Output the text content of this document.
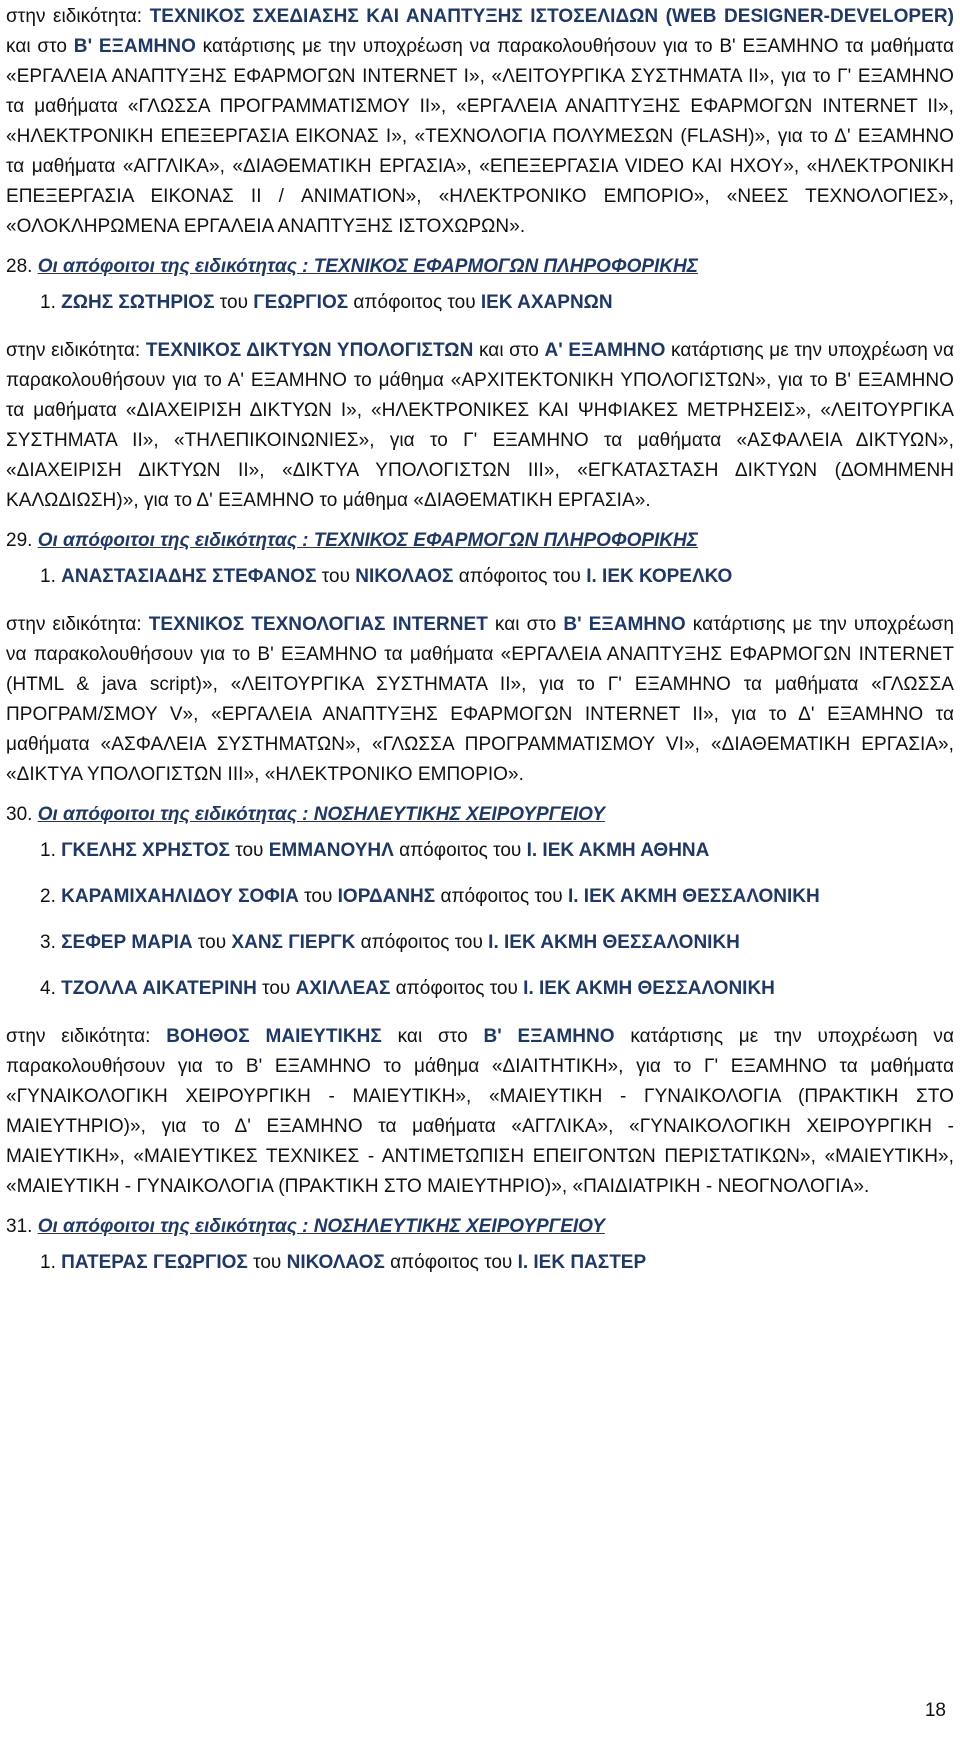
στην ειδικότητα: ΤΕΧΝΙΚΟΣ ΣΧΕΔΙΑΣΗΣ ΚΑΙ ΑΝΑΠΤΥΞΗΣ ΙΣΤΟΣΕΛΙΔΩΝ (WEB DESIGNER-DEVELOPER) και στο Β' ΕΞΑΜΗΝΟ κατάρτισης με την υποχρέωση να παρακολουθήσουν για το Β' ΕΞΑΜΗΝΟ τα μαθήματα «ΕΡΓΑΛΕΙΑ ΑΝΑΠΤΥΞΗΣ ΕΦΑΡΜΟΓΩΝ INTERNET Ι», «ΛΕΙΤΟΥΡΓΙΚΑ ΣΥΣΤΗΜΑΤΑ ΙΙ», για το Γ' ΕΞΑΜΗΝΟ τα μαθήματα «ΓΛΩΣΣΑ ΠΡΟΓΡΑΜΜΑΤΙΣΜΟΥ ΙΙ», «ΕΡΓΑΛΕΙΑ ΑΝΑΠΤΥΞΗΣ ΕΦΑΡΜΟΓΩΝ INTERNET ΙΙ», «ΗΛΕΚΤΡΟΝΙΚΗ ΕΠΕΞΕΡΓΑΣΙΑ ΕΙΚΟΝΑΣ Ι», «ΤΕΧΝΟΛΟΓΙΑ ΠΟΛΥΜΕΣΩΝ (FLASH)», για το Δ' ΕΞΑΜΗΝΟ τα μαθήματα «ΑΓΓΛΙΚΑ», «ΔΙΑΘΕΜΑΤΙΚΗ ΕΡΓΑΣΙΑ», «ΕΠΕΞΕΡΓΑΣΙΑ VIDEO ΚΑΙ ΗΧΟΥ», «ΗΛΕΚΤΡΟΝΙΚΗ ΕΠΕΞΕΡΓΑΣΙΑ ΕΙΚΟΝΑΣ ΙΙ / ANIMATION», «ΗΛΕΚΤΡΟΝΙΚΟ ΕΜΠΟΡΙΟ», «ΝΕΕΣ ΤΕΧΝΟΛΟΓΙΕΣ», «ΟΛΟΚΛΗΡΩΜΕΝΑ ΕΡΓΑΛΕΙΑ ΑΝΑΠΤΥΞΗΣ ΙΣΤΟΧΩΡΩΝ».

28. Οι απόφοιτοι της ειδικότητας : ΤΕΧΝΙΚΟΣ ΕΦΑΡΜΟΓΩΝ ΠΛΗΡΟΦΟΡΙΚΗΣ

1. ΖΩΗΣ ΣΩΤΗΡΙΟΣ του ΓΕΩΡΓΙΟΣ απόφοιτος του ΙΕΚ ΑΧΑΡΝΩΝ

στην ειδικότητα: ΤΕΧΝΙΚΟΣ ΔΙΚΤΥΩΝ ΥΠΟΛΟΓΙΣΤΩΝ και στο Α' ΕΞΑΜΗΝΟ κατάρτισης με την υποχρέωση να παρακολουθήσουν για το Α' ΕΞΑΜΗΝΟ το μάθημα «ΑΡΧΙΤΕΚΤΟΝΙΚΗ ΥΠΟΛΟΓΙΣΤΩΝ», για το Β' ΕΞΑΜΗΝΟ τα μαθήματα «ΔΙΑΧΕΙΡΙΣΗ ΔΙΚΤΥΩΝ Ι», «ΗΛΕΚΤΡΟΝΙΚΕΣ ΚΑΙ ΨΗΦΙΑΚΕΣ ΜΕΤΡΗΣΕΙΣ», «ΛΕΙΤΟΥΡΓΙΚΑ ΣΥΣΤΗΜΑΤΑ ΙΙ», «ΤΗΛΕΠΙΚΟΙΝΩΝΙΕΣ», για το Γ' ΕΞΑΜΗΝΟ τα μαθήματα «ΑΣΦΑΛΕΙΑ ΔΙΚΤΥΩΝ», «ΔΙΑΧΕΙΡΙΣΗ ΔΙΚΤΥΩΝ ΙΙ», «ΔΙΚΤΥΑ ΥΠΟΛΟΓΙΣΤΩΝ ΙΙΙ», «ΕΓΚΑΤΑΣΤΑΣΗ ΔΙΚΤΥΩΝ (ΔΟΜΗΜΕΝΗ ΚΑΛΩΔΙΩΣΗ)», για το Δ' ΕΞΑΜΗΝΟ το μάθημα «ΔΙΑΘΕΜΑΤΙΚΗ ΕΡΓΑΣΙΑ».

29. Οι απόφοιτοι της ειδικότητας : ΤΕΧΝΙΚΟΣ ΕΦΑΡΜΟΓΩΝ ΠΛΗΡΟΦΟΡΙΚΗΣ

1. ΑΝΑΣΤΑΣΙΑΔΗΣ ΣΤΕΦΑΝΟΣ του ΝΙΚΟΛΑΟΣ απόφοιτος του Ι. ΙΕΚ ΚΟΡΕΛΚΟ

στην ειδικότητα: ΤΕΧΝΙΚΟΣ ΤΕΧΝΟΛΟΓΙΑΣ INTERNET και στο Β' ΕΞΑΜΗΝΟ κατάρτισης με την υποχρέωση να παρακολουθήσουν για το Β' ΕΞΑΜΗΝΟ τα μαθήματα «ΕΡΓΑΛΕΙΑ ΑΝΑΠΤΥΞΗΣ ΕΦΑΡΜΟΓΩΝ INTERNET (HTML & java script)», «ΛΕΙΤΟΥΡΓΙΚΑ ΣΥΣΤΗΜΑΤΑ ΙΙ», για το Γ' ΕΞΑΜΗΝΟ τα μαθήματα «ΓΛΩΣΣΑ ΠΡΟΓΡΑΜ/ΣΜΟΥ V», «ΕΡΓΑΛΕΙΑ ΑΝΑΠΤΥΞΗΣ ΕΦΑΡΜΟΓΩΝ INTERNET ΙΙ», για το Δ' ΕΞΑΜΗΝΟ τα μαθήματα «ΑΣΦΑΛΕΙΑ ΣΥΣΤΗΜΑΤΩΝ», «ΓΛΩΣΣΑ ΠΡΟΓΡΑΜΜΑΤΙΣΜΟΥ VI», «ΔΙΑΘΕΜΑΤΙΚΗ ΕΡΓΑΣΙΑ», «ΔΙΚΤΥΑ ΥΠΟΛΟΓΙΣΤΩΝ ΙΙΙ», «ΗΛΕΚΤΡΟΝΙΚΟ ΕΜΠΟΡΙΟ».

30. Οι απόφοιτοι της ειδικότητας : ΝΟΣΗΛΕΥΤΙΚΗΣ ΧΕΙΡΟΥΡΓΕΙΟΥ

1. ΓΚΕΛΗΣ ΧΡΗΣΤΟΣ του ΕΜΜΑΝΟΥΗΛ απόφοιτος του Ι. ΙΕΚ ΑΚΜΗ ΑΘΗΝΑ

2. ΚΑΡΑΜΙΧΑΗΛΙΔΟΥ ΣΟΦΙΑ του ΙΟΡΔΑΝΗΣ απόφοιτος του Ι. ΙΕΚ ΑΚΜΗ ΘΕΣΣΑΛΟΝΙΚΗ

3. ΣΕΦΕΡ ΜΑΡΙΑ του ΧΑΝΣ ΓΙΕΡΓΚ απόφοιτος του Ι. ΙΕΚ ΑΚΜΗ ΘΕΣΣΑΛΟΝΙΚΗ

4. ΤΖΟΛΛΑ ΑΙΚΑΤΕΡΙΝΗ του ΑΧΙΛΛΕΑΣ απόφοιτος του Ι. ΙΕΚ ΑΚΜΗ ΘΕΣΣΑΛΟΝΙΚΗ

στην ειδικότητα: ΒΟΗΘΟΣ ΜΑΙΕΥΤΙΚΗΣ και στο Β' ΕΞΑΜΗΝΟ κατάρτισης με την υποχρέωση να παρακολουθήσουν για το Β' ΕΞΑΜΗΝΟ το μάθημα «ΔΙΑΙΤΗΤΙΚΗ», για το Γ' ΕΞΑΜΗΝΟ τα μαθήματα «ΓΥΝΑΙΚΟΛΟΓΙΚΗ ΧΕΙΡΟΥΡΓΙΚΗ - ΜΑΙΕΥΤΙΚΗ», «ΜΑΙΕΥΤΙΚΗ - ΓΥΝΑΙΚΟΛΟΓΙΑ (ΠΡΑΚΤΙΚΗ ΣΤΟ ΜΑΙΕΥΤΗΡΙΟ)», για το Δ' ΕΞΑΜΗΝΟ τα μαθήματα «ΑΓΓΛΙΚΑ», «ΓΥΝΑΙΚΟΛΟΓΙΚΗ ΧΕΙΡΟΥΡΓΙΚΗ - ΜΑΙΕΥΤΙΚΗ», «ΜΑΙΕΥΤΙΚΕΣ ΤΕΧΝΙΚΕΣ - ΑΝΤΙΜΕΤΩΠΙΣΗ ΕΠΕΙΓΟΝΤΩΝ ΠΕΡΙΣΤΑΤΙΚΩΝ», «ΜΑΙΕΥΤΙΚΗ», «ΜΑΙΕΥΤΙΚΗ - ΓΥΝΑΙΚΟΛΟΓΙΑ (ΠΡΑΚΤΙΚΗ ΣΤΟ ΜΑΙΕΥΤΗΡΙΟ)», «ΠΑΙΔΙΑΤΡΙΚΗ - ΝΕΟΓΝΟΛΟΓΙΑ».

31. Οι απόφοιτοι της ειδικότητας : ΝΟΣΗΛΕΥΤΙΚΗΣ ΧΕΙΡΟΥΡΓΕΙΟΥ

1. ΠΑΤΕΡΑΣ ΓΕΩΡΓΙΟΣ του ΝΙΚΟΛΑΟΣ απόφοιτος του Ι. ΙΕΚ ΠΑΣΤΕΡ

18
